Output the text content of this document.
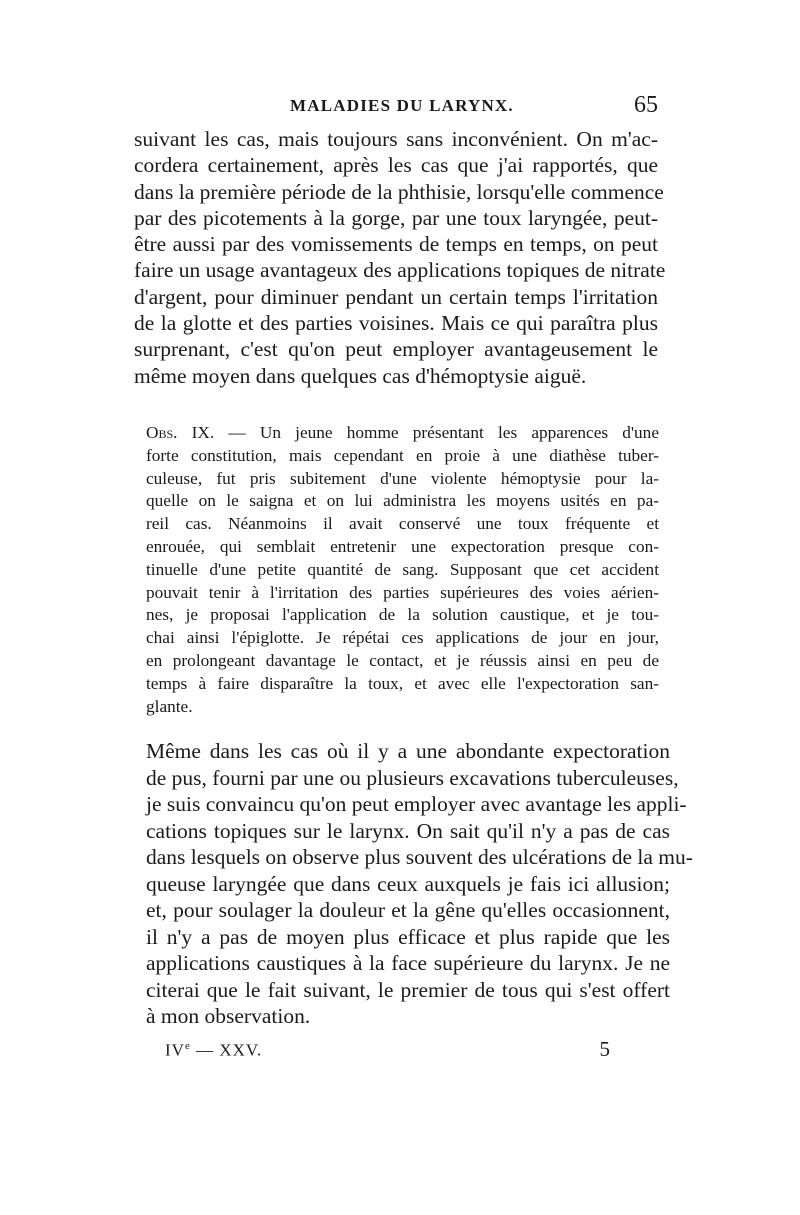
MALADIES DU LARYNX.	65
suivant les cas, mais toujours sans inconvénient. On m'ac-
cordera certainement, après les cas que j'ai rapportés, que
dans la première période de la phthisie, lorsqu'elle commence
par des picotements à la gorge, par une toux laryngée, peut-
être aussi par des vomissements de temps en temps, on peut
faire un usage avantageux des applications topiques de nitrate
d'argent, pour diminuer pendant un certain temps l'irritation
de la glotte et des parties voisines. Mais ce qui paraîtra plus
surprenant, c'est qu'on peut employer avantageusement le
même moyen dans quelques cas d'hémoptysie aiguë.
Obs. IX. — Un jeune homme présentant les apparences d'une
forte constitution, mais cependant en proie à une diathèse tuber-
culeuse, fut pris subitement d'une violente hémoptysie pour la-
quelle on le saigna et on lui administra les moyens usités en pa-
reil cas. Néanmoins il avait conservé une toux fréquente et
enrouée, qui semblait entretenir une expectoration presque con-
tinuelle d'une petite quantité de sang. Supposant que cet accident
pouvait tenir à l'irritation des parties supérieures des voies aérien-
nes, je proposai l'application de la solution caustique, et je tou-
chai ainsi l'épiglotte. Je répétai ces applications de jour en jour,
en prolongeant davantage le contact, et je réussis ainsi en peu de
temps à faire disparaître la toux, et avec elle l'expectoration san-
glante.
Même dans les cas où il y a une abondante expectoration
de pus, fourni par une ou plusieurs excavations tuberculeuses,
je suis convaincu qu'on peut employer avec avantage les appli-
cations topiques sur le larynx. On sait qu'il n'y a pas de cas
dans lesquels on observe plus souvent des ulcérations de la mu-
queuse laryngée que dans ceux auxquels je fais ici allusion;
et, pour soulager la douleur et la gêne qu'elles occasionnent,
il n'y a pas de moyen plus efficace et plus rapide que les
applications caustiques à la face supérieure du larynx. Je ne
citerai que le fait suivant, le premier de tous qui s'est offert
à mon observation.
IVe — XXV.	5
